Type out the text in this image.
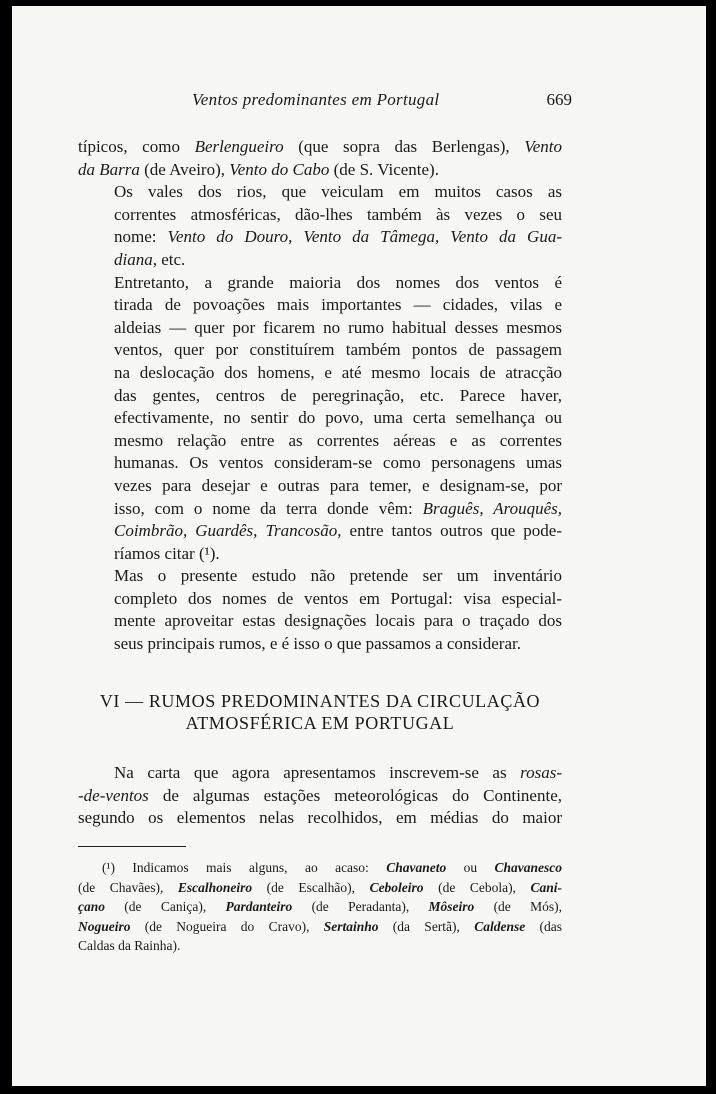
Ventos predominantes em Portugal	669

típicos, como Berlengueiro (que sopra das Berlengas), Vento
da Barra (de Aveiro), Vento do Cabo (de S. Vicente).

Os vales dos rios, que veiculam em muitos casos as
correntes atmosféricas, dão-lhes também às vezes o seu
nome: Vento do Douro, Vento da Tâmega, Vento da Gua-
diana, etc.

Entretanto, a grande maioria dos nomes dos ventos é
tirada de povoações mais importantes — cidades, vilas e
aldeias — quer por ficarem no rumo habitual desses mesmos
ventos, quer por constituírem também pontos de passagem
na deslocação dos homens, e até mesmo locais de atracção
das gentes, centros de peregrinação, etc. Parece haver,
efectivamente, no sentir do povo, uma certa semelhança ou
mesmo relação entre as correntes aéreas e as correntes
humanas. Os ventos consideram-se como personagens umas
vezes para desejar e outras para temer, e designam-se, por
isso, com o nome da terra donde vêm: Braguês, Arouquês,
Coimbrão, Guardês, Trancosão, entre tantos outros que pode-
ríamos citar (¹).

Mas o presente estudo não pretende ser um inventário
completo dos nomes de ventos em Portugal: visa especial-
mente aproveitar estas designações locais para o traçado dos
seus principais rumos, e é isso o que passamos a considerar.

VI — RUMOS PREDOMINANTES DA CIRCULAÇÃO
ATMOSFÉRICA EM PORTUGAL
Na carta que agora apresentamos inscrevem-se as rosas-
-de-ventos de algumas estações meteorológicas do Continente,
segundo os elementos nelas recolhidos, em médias do maior
(¹) Indicamos mais alguns, ao acaso: Chavaneto ou Chavanesco
(de Chavães), Escalhoneiro (de Escalhão), Ceboleiro (de Cebola), Cani-
çano (de Caniça), Pardanteiro (de Peradanta), Môseiro (de Mós),
Nogueiro (de Nogueira do Cravo), Sertainho (da Sertã), Caldense (das
Caldas da Rainha).
